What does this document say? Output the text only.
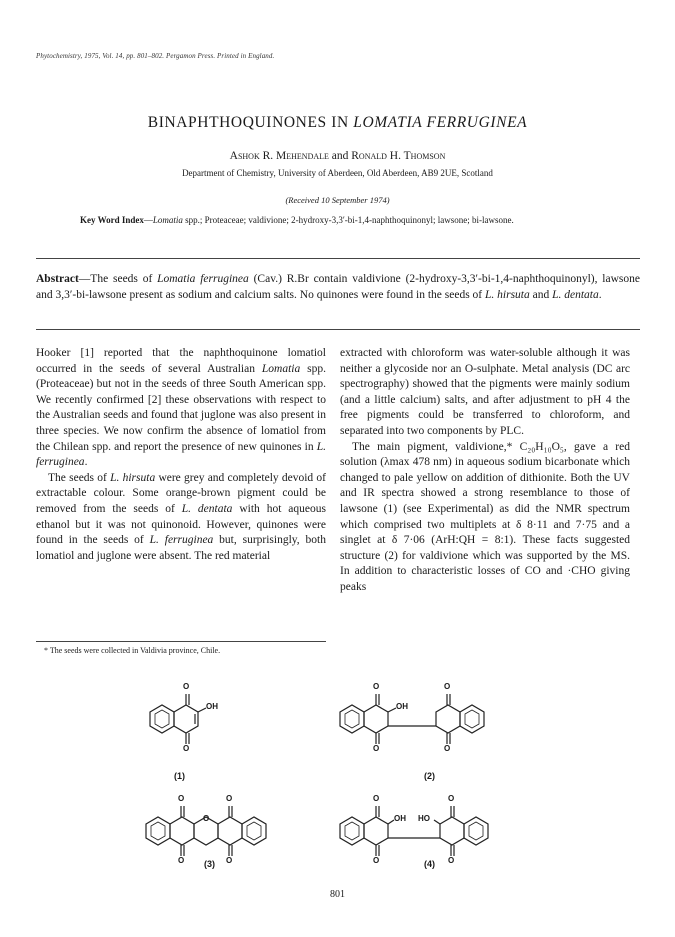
Phytochemistry, 1975, Vol. 14, pp. 801–802. Pergamon Press. Printed in England.
BINAPHTHOQUINONES IN LOMATIA FERRUGINEA
Ashok R. Mehendale and Ronald H. Thomson
Department of Chemistry, University of Aberdeen, Old Aberdeen, AB9 2UE, Scotland
(Received 10 September 1974)
Key Word Index—Lomatia spp.; Proteaceae; valdivione; 2-hydroxy-3,3′-bi-1,4-naphthoquinonyl; lawsone; bi-lawsone.
Abstract—The seeds of Lomatia ferruginea (Cav.) R.Br contain valdivione (2-hydroxy-3,3′-bi-1,4-naphthoquinonyl), lawsone and 3,3′-bi-lawsone present as sodium and calcium salts. No quinones were found in the seeds of L. hirsuta and L. dentata.

Hooker [1] reported that the naphthoquinone lomatiol occurred in the seeds of several Australian Lomatia spp. (Proteaceae) but not in the seeds of three South American spp. We recently confirmed [2] these observations with respect to the Australian seeds and found that juglone was also present in three species. We now confirm the absence of lomatiol from the Chilean spp. and report the presence of new quinones in L. ferruginea.

The seeds of L. hirsuta were grey and completely devoid of extractable colour. Some orange-brown pigment could be removed from the seeds of L. dentata with hot aqueous ethanol but it was not quinonoid. However, quinones were found in the seeds of L. ferruginea but, surprisingly, both lomatiol and juglone were absent. The red material

extracted with chloroform was water-soluble although it was neither a glycoside nor an O-sulphate. Metal analysis (DC arc spectrography) showed that the pigments were mainly sodium (and a little calcium) salts, and after adjustment to pH 4 the free pigments could be transferred to chloroform, and separated into two components by PLC.

The main pigment, valdivione,* C₂₀H₁₀O₅, gave a red solution (λmax 478 nm) in aqueous sodium bicarbonate which changed to pale yellow on addition of dithionite. Both the UV and IR spectra showed a strong resemblance to those of lawsone (1) (see Experimental) as did the NMR spectrum which comprised two multiplets at δ 8·11 and 7·75 and a singlet at δ 7·06 (ArH:QH = 8:1). These facts suggested structure (2) for valdivione which was supported by the MS. In addition to characteristic losses of CO and ·CHO giving peaks

* The seeds were collected in Valdivia province, Chile.
O
O
OH
(1)
O
O
OH
O
O
(2)
O
O
O
O
O
(3)
O
O
OH HO
O
O
(4)
801
